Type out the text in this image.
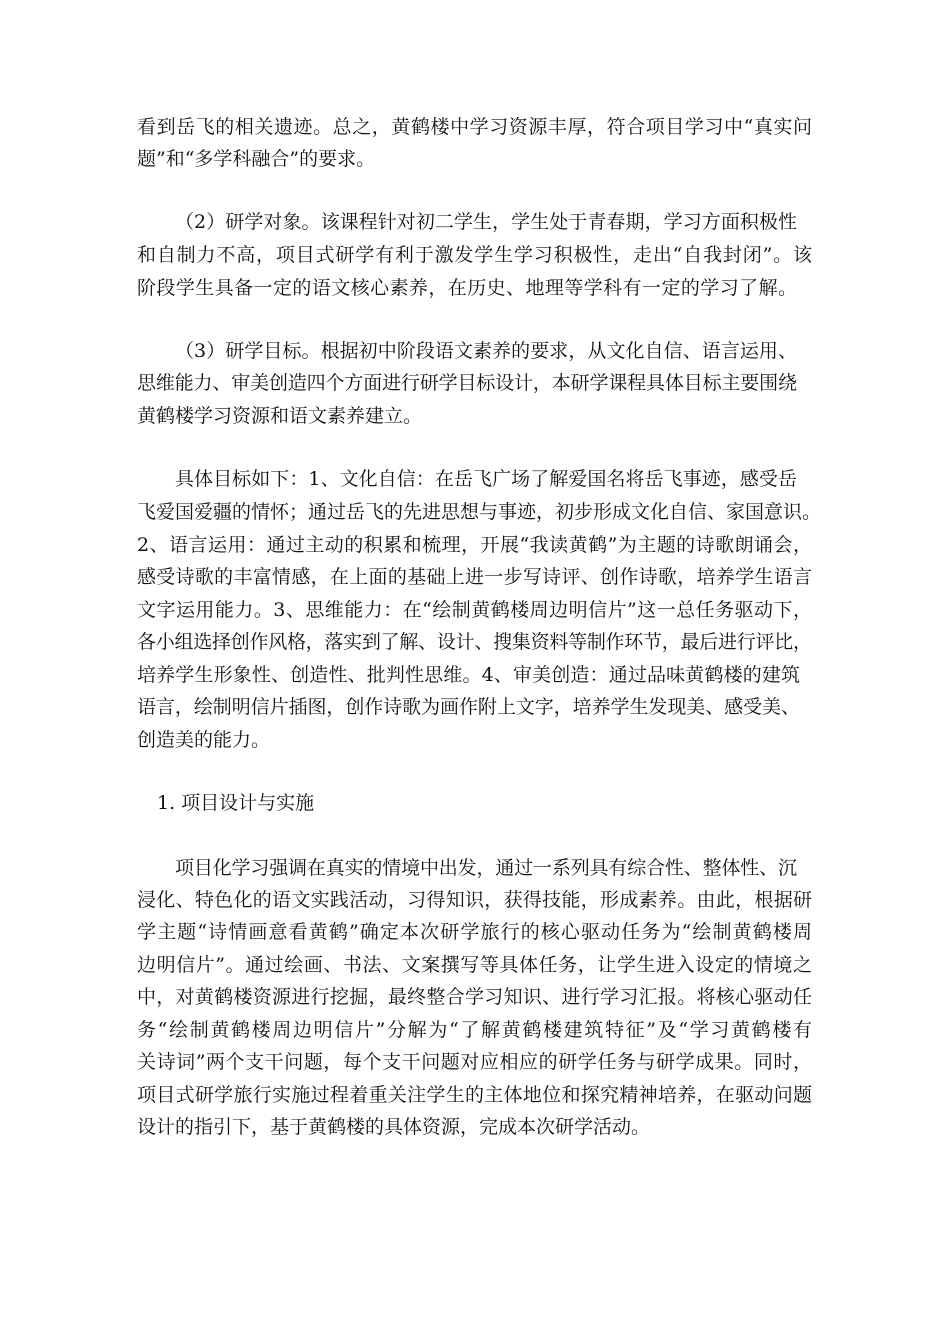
看到岳飞的相关遗迹。总之，黄鹤楼中学习资源丰厚，符合项目学习中“真实问
题”和“多学科融合”的要求。
（2）研学对象。该课程针对初二学生，学生处于青春期，学习方面积极性
和自制力不高，项目式研学有利于激发学生学习积极性，走出“自我封闭”。该
阶段学生具备一定的语文核心素养，在历史、地理等学科有一定的学习了解。
（3）研学目标。根据初中阶段语文素养的要求，从文化自信、语言运用、
思维能力、审美创造四个方面进行研学目标设计，本研学课程具体目标主要围绕
黄鹤楼学习资源和语文素养建立。
具体目标如下：1、文化自信：在岳飞广场了解爱国名将岳飞事迹，感受岳
飞爱国爱疆的情怀；通过岳飞的先进思想与事迹，初步形成文化自信、家国意识。
2、语言运用：通过主动的积累和梳理，开展“我读黄鹤”为主题的诗歌朗诵会，
感受诗歌的丰富情感，在上面的基础上进一步写诗评、创作诗歌，培养学生语言
文字运用能力。3、思维能力：在“绘制黄鹤楼周边明信片”这一总任务驱动下，
各小组选择创作风格，落实到了解、设计、搜集资料等制作环节，最后进行评比，
培养学生形象性、创造性、批判性思维。4、审美创造：通过品味黄鹤楼的建筑
语言，绘制明信片插图，创作诗歌为画作附上文字，培养学生发现美、感受美、
创造美的能力。
1. 项目设计与实施
项目化学习强调在真实的情境中出发，通过一系列具有综合性、整体性、沉
浸化、特色化的语文实践活动，习得知识，获得技能，形成素养。由此，根据研
学主题“诗情画意看黄鹤”确定本次研学旅行的核心驱动任务为“绘制黄鹤楼周
边明信片”。通过绘画、书法、文案撰写等具体任务，让学生进入设定的情境之
中，对黄鹤楼资源进行挖掘，最终整合学习知识、进行学习汇报。将核心驱动任
务“绘制黄鹤楼周边明信片”分解为“了解黄鹤楼建筑特征”及“学习黄鹤楼有
关诗词”两个支干问题，每个支干问题对应相应的研学任务与研学成果。同时，
项目式研学旅行实施过程着重关注学生的主体地位和探究精神培养，在驱动问题
设计的指引下，基于黄鹤楼的具体资源，完成本次研学活动。
